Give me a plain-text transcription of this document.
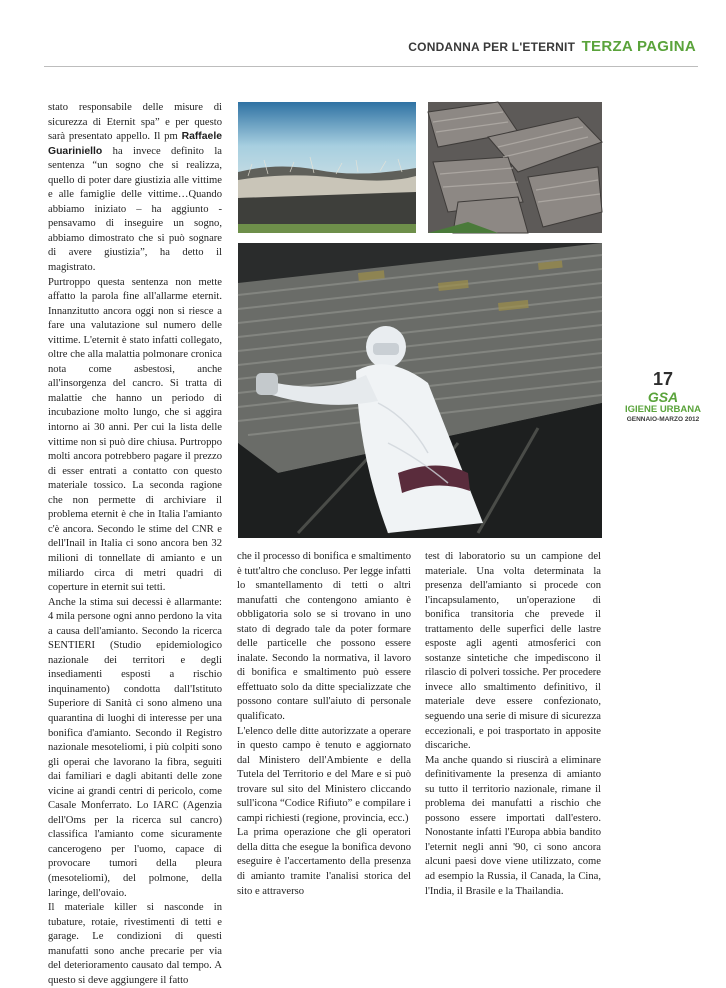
CONDANNA PER L'ETERNIT TERZA PAGINA

stato responsabile delle misure di sicurezza di Eternit spa” e per questo sarà presentato appello. Il pm Raffaele Guariniello ha invece definito la sentenza “un sogno che si realizza, quello di poter dare giustizia alle vittime e alle famiglie delle vittime…Quando abbiamo iniziato – ha aggiunto - pensavamo di inseguire un sogno, abbiamo dimostrato che si può sognare di avere giustizia”, ha detto il magistrato.

Purtroppo questa sentenza non mette affatto la parola fine all'allarme eternit. Innanzitutto ancora oggi non si riesce a fare una valutazione sul numero delle vittime. L'eternit è stato infatti collegato, oltre che alla malattia polmonare cronica nota come asbestosi, anche all'insorgenza del cancro. Si tratta di malattie che hanno un periodo di incubazione molto lungo, che si aggira intorno ai 30 anni. Per cui la lista delle vittime non si può dire chiusa. Purtroppo molti ancora potrebbero pagare il prezzo di esser entrati a contatto con questo materiale tossico. La seconda ragione che non permette di archiviare il problema eternit è che in Italia l'amianto c'è ancora. Secondo le stime del CNR e dell'Inail in Italia ci sono ancora ben 32 milioni di tonnellate di amianto e un miliardo circa di metri quadri di coperture in eternit sui tetti.

Anche la stima sui decessi è allarmante: 4 mila persone ogni anno perdono la vita a causa dell'amianto. Secondo la ricerca SENTIERI (Studio epidemiologico nazionale dei territori e degli insediamenti esposti a rischio inquinamento) condotta dall'Istituto Superiore di Sanità ci sono almeno una quarantina di luoghi di interesse per una bonifica d'amianto. Secondo il Registro nazionale mesoteliomi, i più colpiti sono gli operai che lavorano la fibra, seguiti dai familiari e dagli abitanti delle zone vicine ai grandi centri di pericolo, come Casale Monferrato. Lo IARC (Agenzia dell'Oms per la ricerca sul cancro) classifica l'amianto come sicuramente cancerogeno per l'uomo, capace di provocare tumori della pleura (mesoteliomi), del polmone, della laringe, dell'ovaio.

Il materiale killer si nasconde in tubature, rotaie, rivestimenti di tetti e garage. Le condizioni di questi manufatti sono anche precarie per via del deterioramento causato dal tempo. A questo si deve aggiungere il fatto

che il processo di bonifica e smaltimento è tutt'altro che concluso. Per legge infatti lo smantellamento di tetti o altri manufatti che contengono amianto è obbligatoria solo se si trovano in uno stato di degrado tale da poter formare delle particelle che possono essere inalate. Secondo la normativa, il lavoro di bonifica e smaltimento può essere effettuato solo da ditte specializzate che possono contare sull'aiuto di personale qualificato.

L'elenco delle ditte autorizzate a operare in questo campo è tenuto e aggiornato dal Ministero dell'Ambiente e della Tutela del Territorio e del Mare e si può trovare sul sito del Ministero cliccando sull'icona “Codice Rifiuto” e compilare i campi richiesti (regione, provincia, ecc.)

La prima operazione che gli operatori della ditta che esegue la bonifica devono eseguire è l'accertamento della presenza di amianto tramite l'analisi storica del sito e attraverso

test di laboratorio su un campione del materiale. Una volta determinata la presenza dell'amianto si procede con l'incapsulamento, un'operazione di bonifica transitoria che prevede il trattamento delle superfici delle lastre esposte agli agenti atmosferici con sostanze sintetiche che impediscono il rilascio di polveri tossiche. Per procedere invece allo smaltimento definitivo, il materiale deve essere confezionato, seguendo una serie di misure di sicurezza eccezionali, e poi trasportato in apposite discariche.

Ma anche quando si riuscirà a eliminare definitivamente la presenza di amianto su tutto il territorio nazionale, rimane il problema dei manufatti a rischio che possono essere importati dall'estero. Nonostante infatti l'Europa abbia bandito l'eternit negli anni '90, ci sono ancora alcuni paesi dove viene utilizzato, come ad esempio la Russia, il Canada, la Cina, l'India, il Brasile e la Thailandia.

17
GSA
IGIENE URBANA
GENNAIO-MARZO 2012
